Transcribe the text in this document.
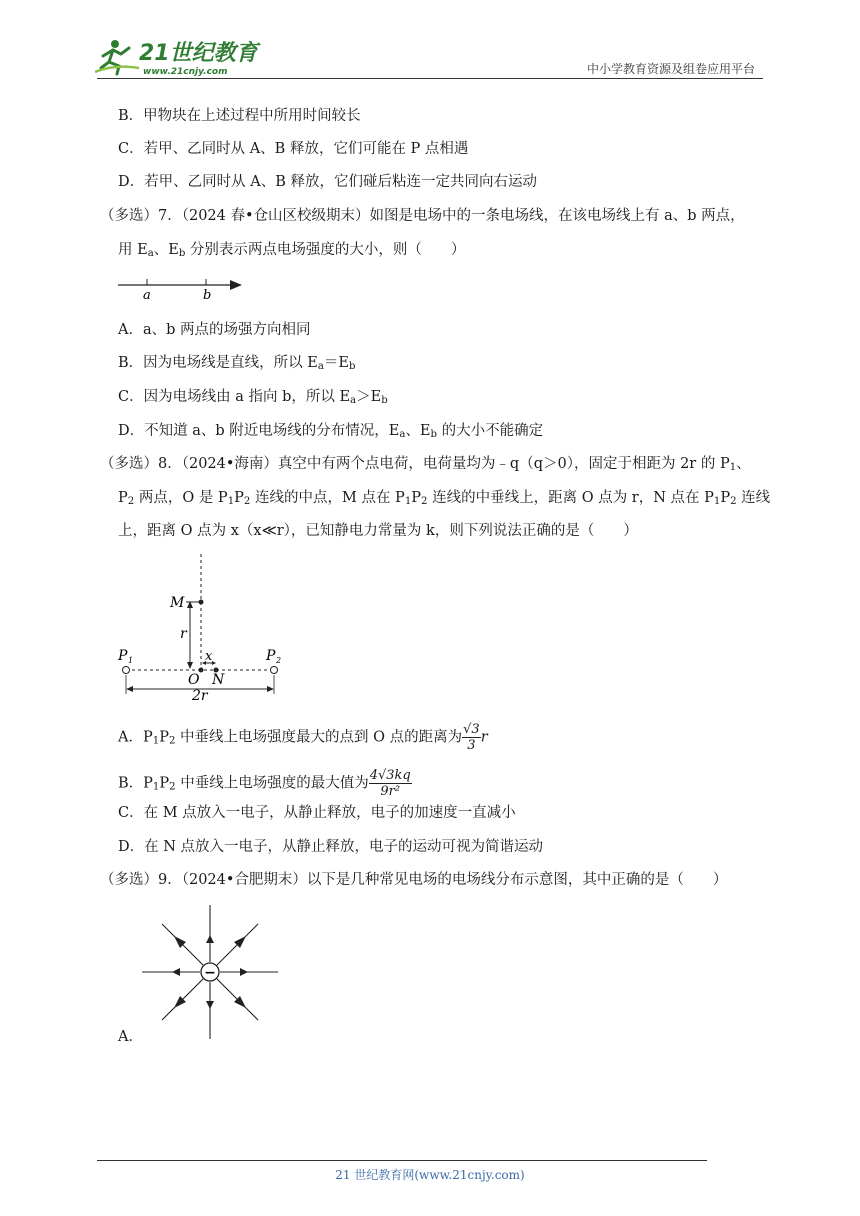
21世纪教育
www.21cnjy.com	中小学教育资源及组卷应用平台
B．甲物块在上述过程中所用时间较长
C．若甲、乙同时从 A、B 释放，它们可能在 P 点相遇
D．若甲、乙同时从 A、B 释放，它们碰后粘连一定共同向右运动
（多选）7．（2024 春•仓山区校级期末）如图是电场中的一条电场线，在该电场线上有 a、b 两点，
用 $E_a$、$E_b$ 分别表示两点电场强度的大小，则（　　）
a	b
A．a、b 两点的场强方向相同
B．因为电场线是直线，所以 $E_a=E_b$
C．因为电场线由 a 指向 b，所以 $E_a>E_b$
D．不知道 a、b 附近电场线的分布情况，$E_a$、$E_b$ 的大小不能确定
（多选）8．（2024•海南）真空中有两个点电荷，电荷量均为﹣q（q＞0），固定于相距为 2r 的 $P_1$、
$P_2$ 两点，O 是 $P_1P_2$ 连线的中点，M 点在 $P_1P_2$ 连线的中垂线上，距离 O 点为 r，N 点在 $P_1P_2$ 连线
上，距离 O 点为 x（x≪r），已知静电力常量为 k，则下列说法正确的是（　　）
M
r
P 1	P 2
x
O N
2r
A．$P_1P_2$ 中垂线上电场强度最大的点到 O 点的距离为 $\frac{√3}{3}$ r
B．$P_1P_2$ 中垂线上电场强度的最大值为 $\frac{4√3kq}{\text{9r²}}$
C．在 M 点放入一电子，从静止释放，电子的加速度一直减小
D．在 N 点放入一电子，从静止释放，电子的运动可视为简谐运动
（多选）9．（2024•合肥期末）以下是几种常见电场的电场线分布示意图，其中正确的是（　　）
−
A．
21 世纪教育网(www.21cnjy.com)
